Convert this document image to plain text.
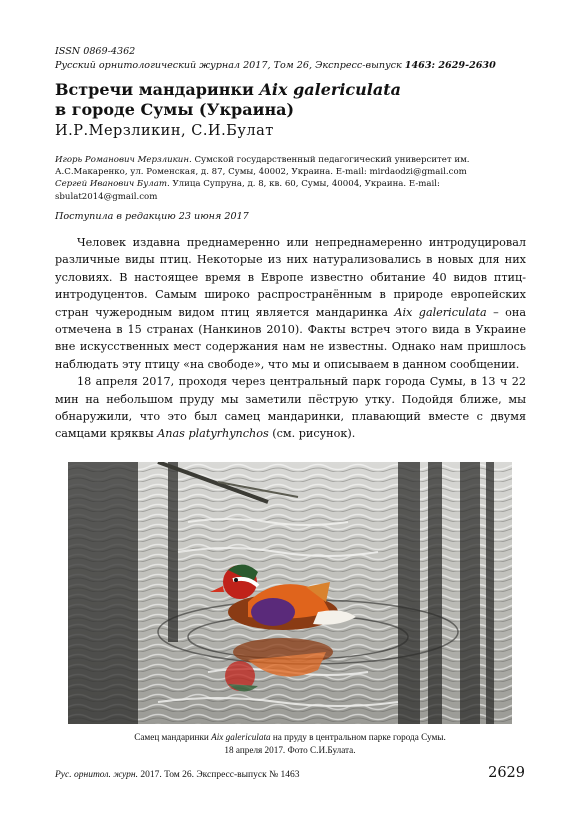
ISSN 0869-4362
Русский орнитологический журнал 2017, Том 26, Экспресс-выпуск 1463: 2629-2630
Встречи мандаринки Aix galericulata
в городе Сумы (Украина)
И.Р.Мерзликин, С.И.Булат

Игорь Романович Мерзликин. Сумской государственный педагогический университет им. А.С.Макаренко, ул. Роменская, д. 87, Сумы, 40002, Украина. E-mail: mirdaodzi@gmail.com

Сергей Иванович Булат. Улица Супруна, д. 8, кв. 60, Сумы, 40004, Украина. E-mail: sbulat2014@gmail.com

Поступила в редакцию 23 июня 2017

Человек издавна преднамеренно или непреднамеренно интродуцировал различные виды птиц. Некоторые из них натурализовались в новых для них условиях. В настоящее время в Европе известно обитание 40 видов птиц-интродуцентов. Самым широко распространённым в природе европейских стран чужеродным видом птиц является мандаринка Aix galericulata – она отмечена в 15 странах (Нанкинов 2010). Факты встреч этого вида в Украине вне искусственных мест содержания нам не известны. Однако нам пришлось наблюдать эту птицу «на свободе», что мы и описываем в данном сообщении.

18 апреля 2017, проходя через центральный парк города Сумы, в 13 ч 22 мин на небольшом пруду мы заметили пёструю утку. Подойдя ближе, мы обнаружили, что это был самец мандаринки, плавающий вместе с двумя самцами кряквы Anas platyrhynchos (см. рисунок).

Самец мандаринки Aix galericulata на пруду в центральном парке города Сумы.
18 апреля 2017. Фото С.И.Булата.
Рус. орнитол. журн. 2017. Том 26. Экспресс-выпуск № 1463	2629
